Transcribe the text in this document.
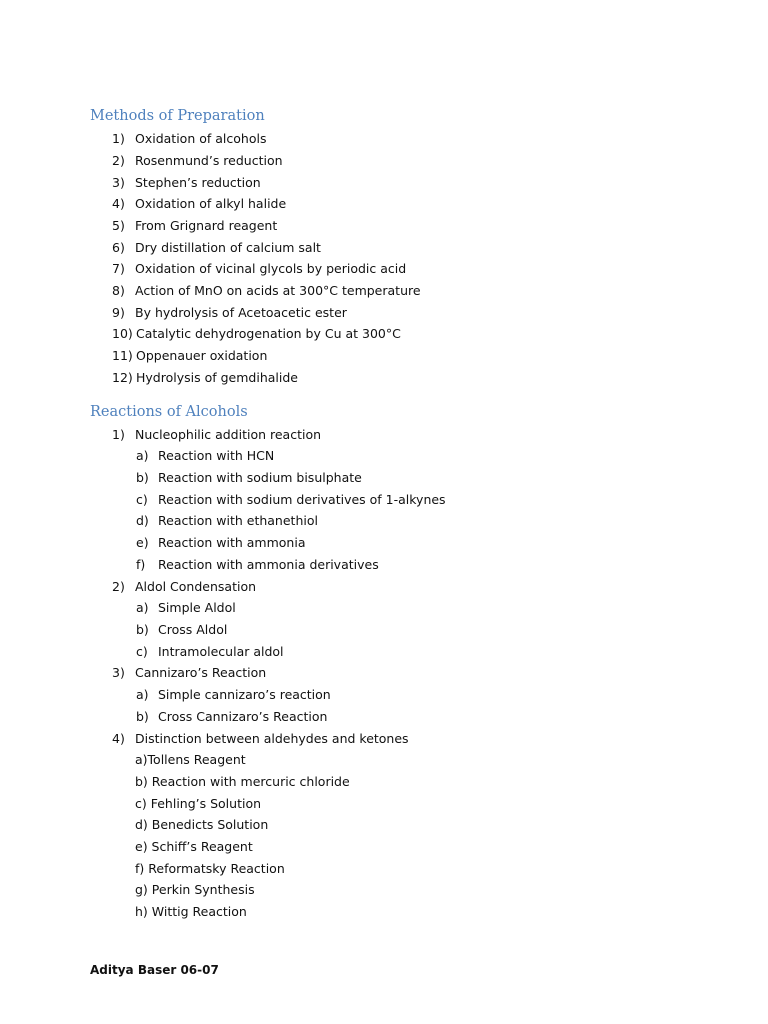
Methods of Preparation

1) Oxidation of alcohols

2) Rosenmund’s reduction

3) Stephen’s reduction

4) Oxidation of alkyl halide

5) From Grignard reagent

6) Dry distillation of calcium salt

7) Oxidation of vicinal glycols by periodic acid

8) Action of MnO on acids at 300°C temperature

9) By hydrolysis of Acetoacetic ester

10) Catalytic dehydrogenation by Cu at 300°C

11) Oppenauer oxidation

12) Hydrolysis of gemdihalide

Reactions of Alcohols

1) Nucleophilic addition reaction

a) Reaction with HCN

b) Reaction with sodium bisulphate

c) Reaction with sodium derivatives of 1-alkynes

d) Reaction with ethanethiol

e) Reaction with ammonia

f) Reaction with ammonia derivatives

2) Aldol Condensation

a) Simple Aldol

b) Cross Aldol

c) Intramolecular aldol

3) Cannizaro’s Reaction

a) Simple cannizaro’s reaction

b) Cross Cannizaro’s Reaction

4) Distinction between aldehydes and ketones

a)Tollens Reagent

b) Reaction with mercuric chloride

c) Fehling’s Solution

d) Benedicts Solution

e) Schiff’s Reagent

f) Reformatsky Reaction

g) Perkin Synthesis

h) Wittig Reaction

Aditya Baser 06-07
